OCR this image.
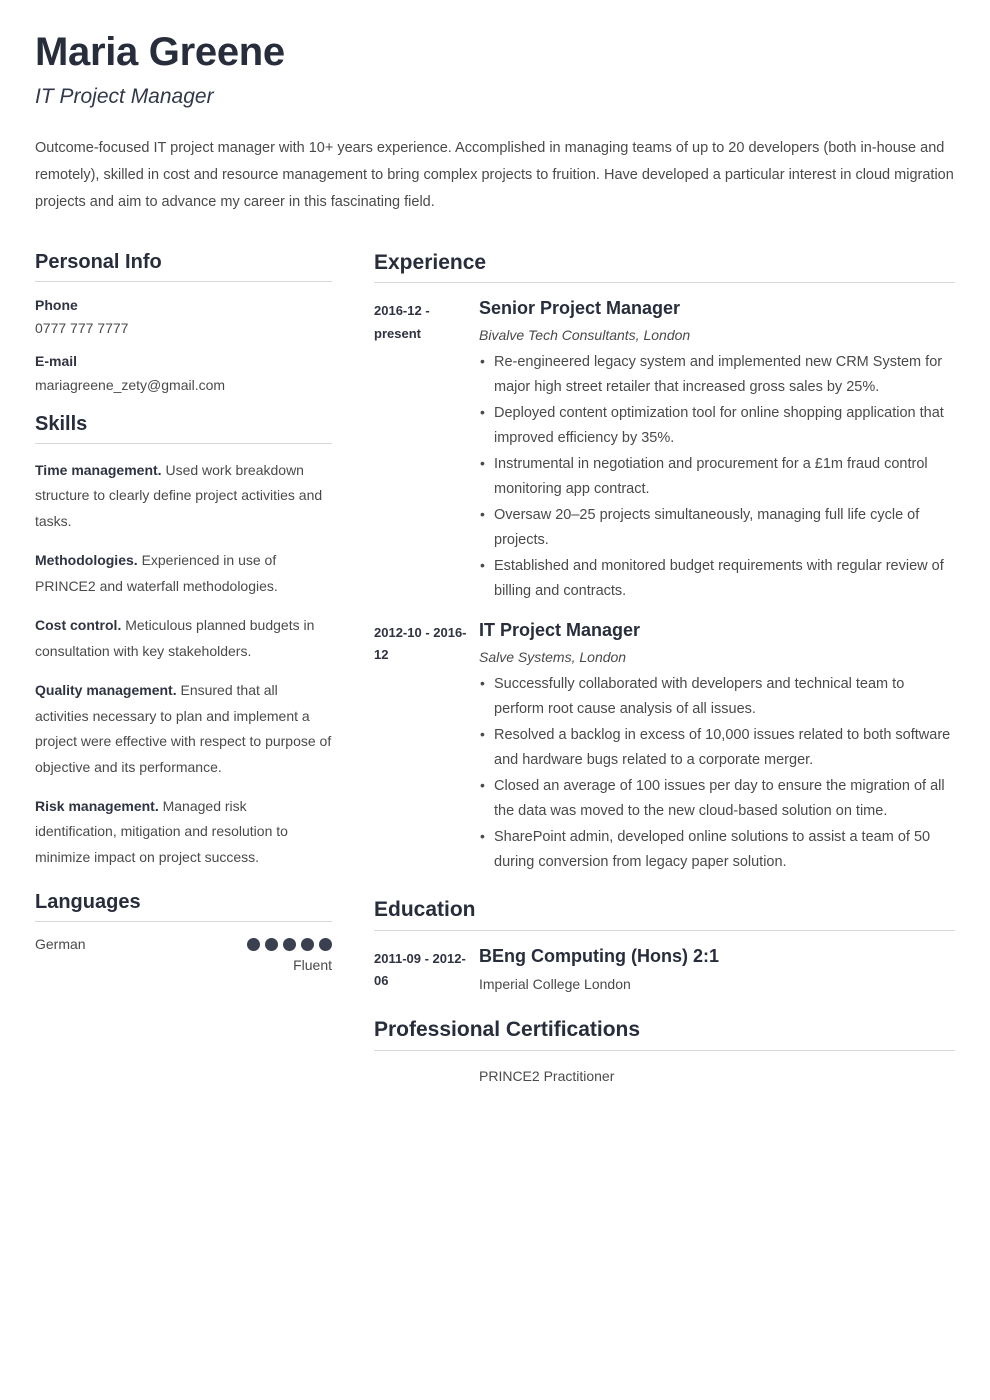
Maria Greene
IT Project Manager

Outcome-focused IT project manager with 10+ years experience. Accomplished in managing teams of up to 20 developers (both in-house and remotely), skilled in cost and resource management to bring complex projects to fruition. Have developed a particular interest in cloud migration projects and aim to advance my career in this fascinating field.

Personal Info
Phone
0777 777 7777
E-mail
mariagreene_zety@gmail.com
Skills

Time management. Used work breakdown structure to clearly define project activities and tasks.

Methodologies. Experienced in use of PRINCE2 and waterfall methodologies.

Cost control. Meticulous planned budgets in consultation with key stakeholders.

Quality management. Ensured that all activities necessary to plan and implement a project were effective with respect to purpose of objective and its performance.

Risk management. Managed risk identification, mitigation and resolution to minimize impact on project success.

Languages
German
Fluent
Experience
2016-12 - present
Senior Project Manager
Bivalve Tech Consultants, London
• Re-engineered legacy system and implemented new CRM System for major high street retailer that increased gross sales by 25%.
• Deployed content optimization tool for online shopping application that improved efficiency by 35%.
• Instrumental in negotiation and procurement for a £1m fraud control monitoring app contract.
• Oversaw 20–25 projects simultaneously, managing full life cycle of projects.
• Established and monitored budget requirements with regular review of billing and contracts.
2012-10 - 2016-12
IT Project Manager
Salve Systems, London
• Successfully collaborated with developers and technical team to perform root cause analysis of all issues.
• Resolved a backlog in excess of 10,000 issues related to both software and hardware bugs related to a corporate merger.
• Closed an average of 100 issues per day to ensure the migration of all the data was moved to the new cloud-based solution on time.
• SharePoint admin, developed online solutions to assist a team of 50 during conversion from legacy paper solution.
Education
2011-09 - 2012-06
BEng Computing (Hons) 2:1
Imperial College London
Professional Certifications
PRINCE2 Practitioner
